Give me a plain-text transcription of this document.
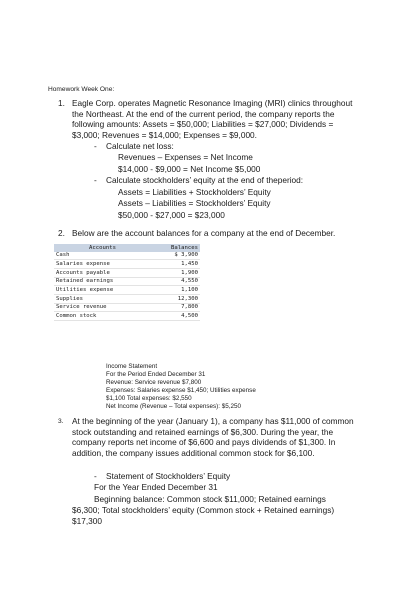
Homework Week One:
1. Eagle Corp. operates Magnetic Resonance Imaging (MRI) clinics throughout the Northeast. At the end of the current period, the company reports the following amounts: Assets = $50,000; Liabilities = $27,000; Dividends = $3,000; Revenues = $14,000; Expenses = $9,000.
- Calculate net loss:
Revenues – Expenses = Net Income
$14,000 - $9,000 = Net Income $5,000
- Calculate stockholders’ equity at the end of theperiod:
Assets = Liabilities + Stockholders’ Equity
Assets – Liabilities = Stockholders’ Equity
$50,000 - $27,000 = $23,000
2. Below are the account balances for a company at the end of December.
Accounts	Balances
Cash	$ 3,900
Salaries expense	1,450
Accounts payable	1,900
Retained earnings	4,550
Utilities expense	1,100
Supplies	12,300
Service revenue	7,800
Common stock	4,500
Income Statement
For the Period Ended December 31
Revenue: Service revenue $7,800
Expenses: Salaries expense $1,450; Utilities expense
$1,100 Total expenses: $2,550
Net Income (Revenue – Total expenses): $5,250
3. At the beginning of the year (January 1), a company has $11,000 of common stock outstanding and retained earnings of $6,300. During the year, the company reports net income of $6,600 and pays dividends of $1,300. In addition, the company issues additional common stock for $6,100.
- Statement of Stockholders’ Equity
For the Year Ended December 31
Beginning balance: Common stock $11,000; Retained earnings
$6,300; Total stockholders’ equity (Common stock + Retained earnings)
$17,300
